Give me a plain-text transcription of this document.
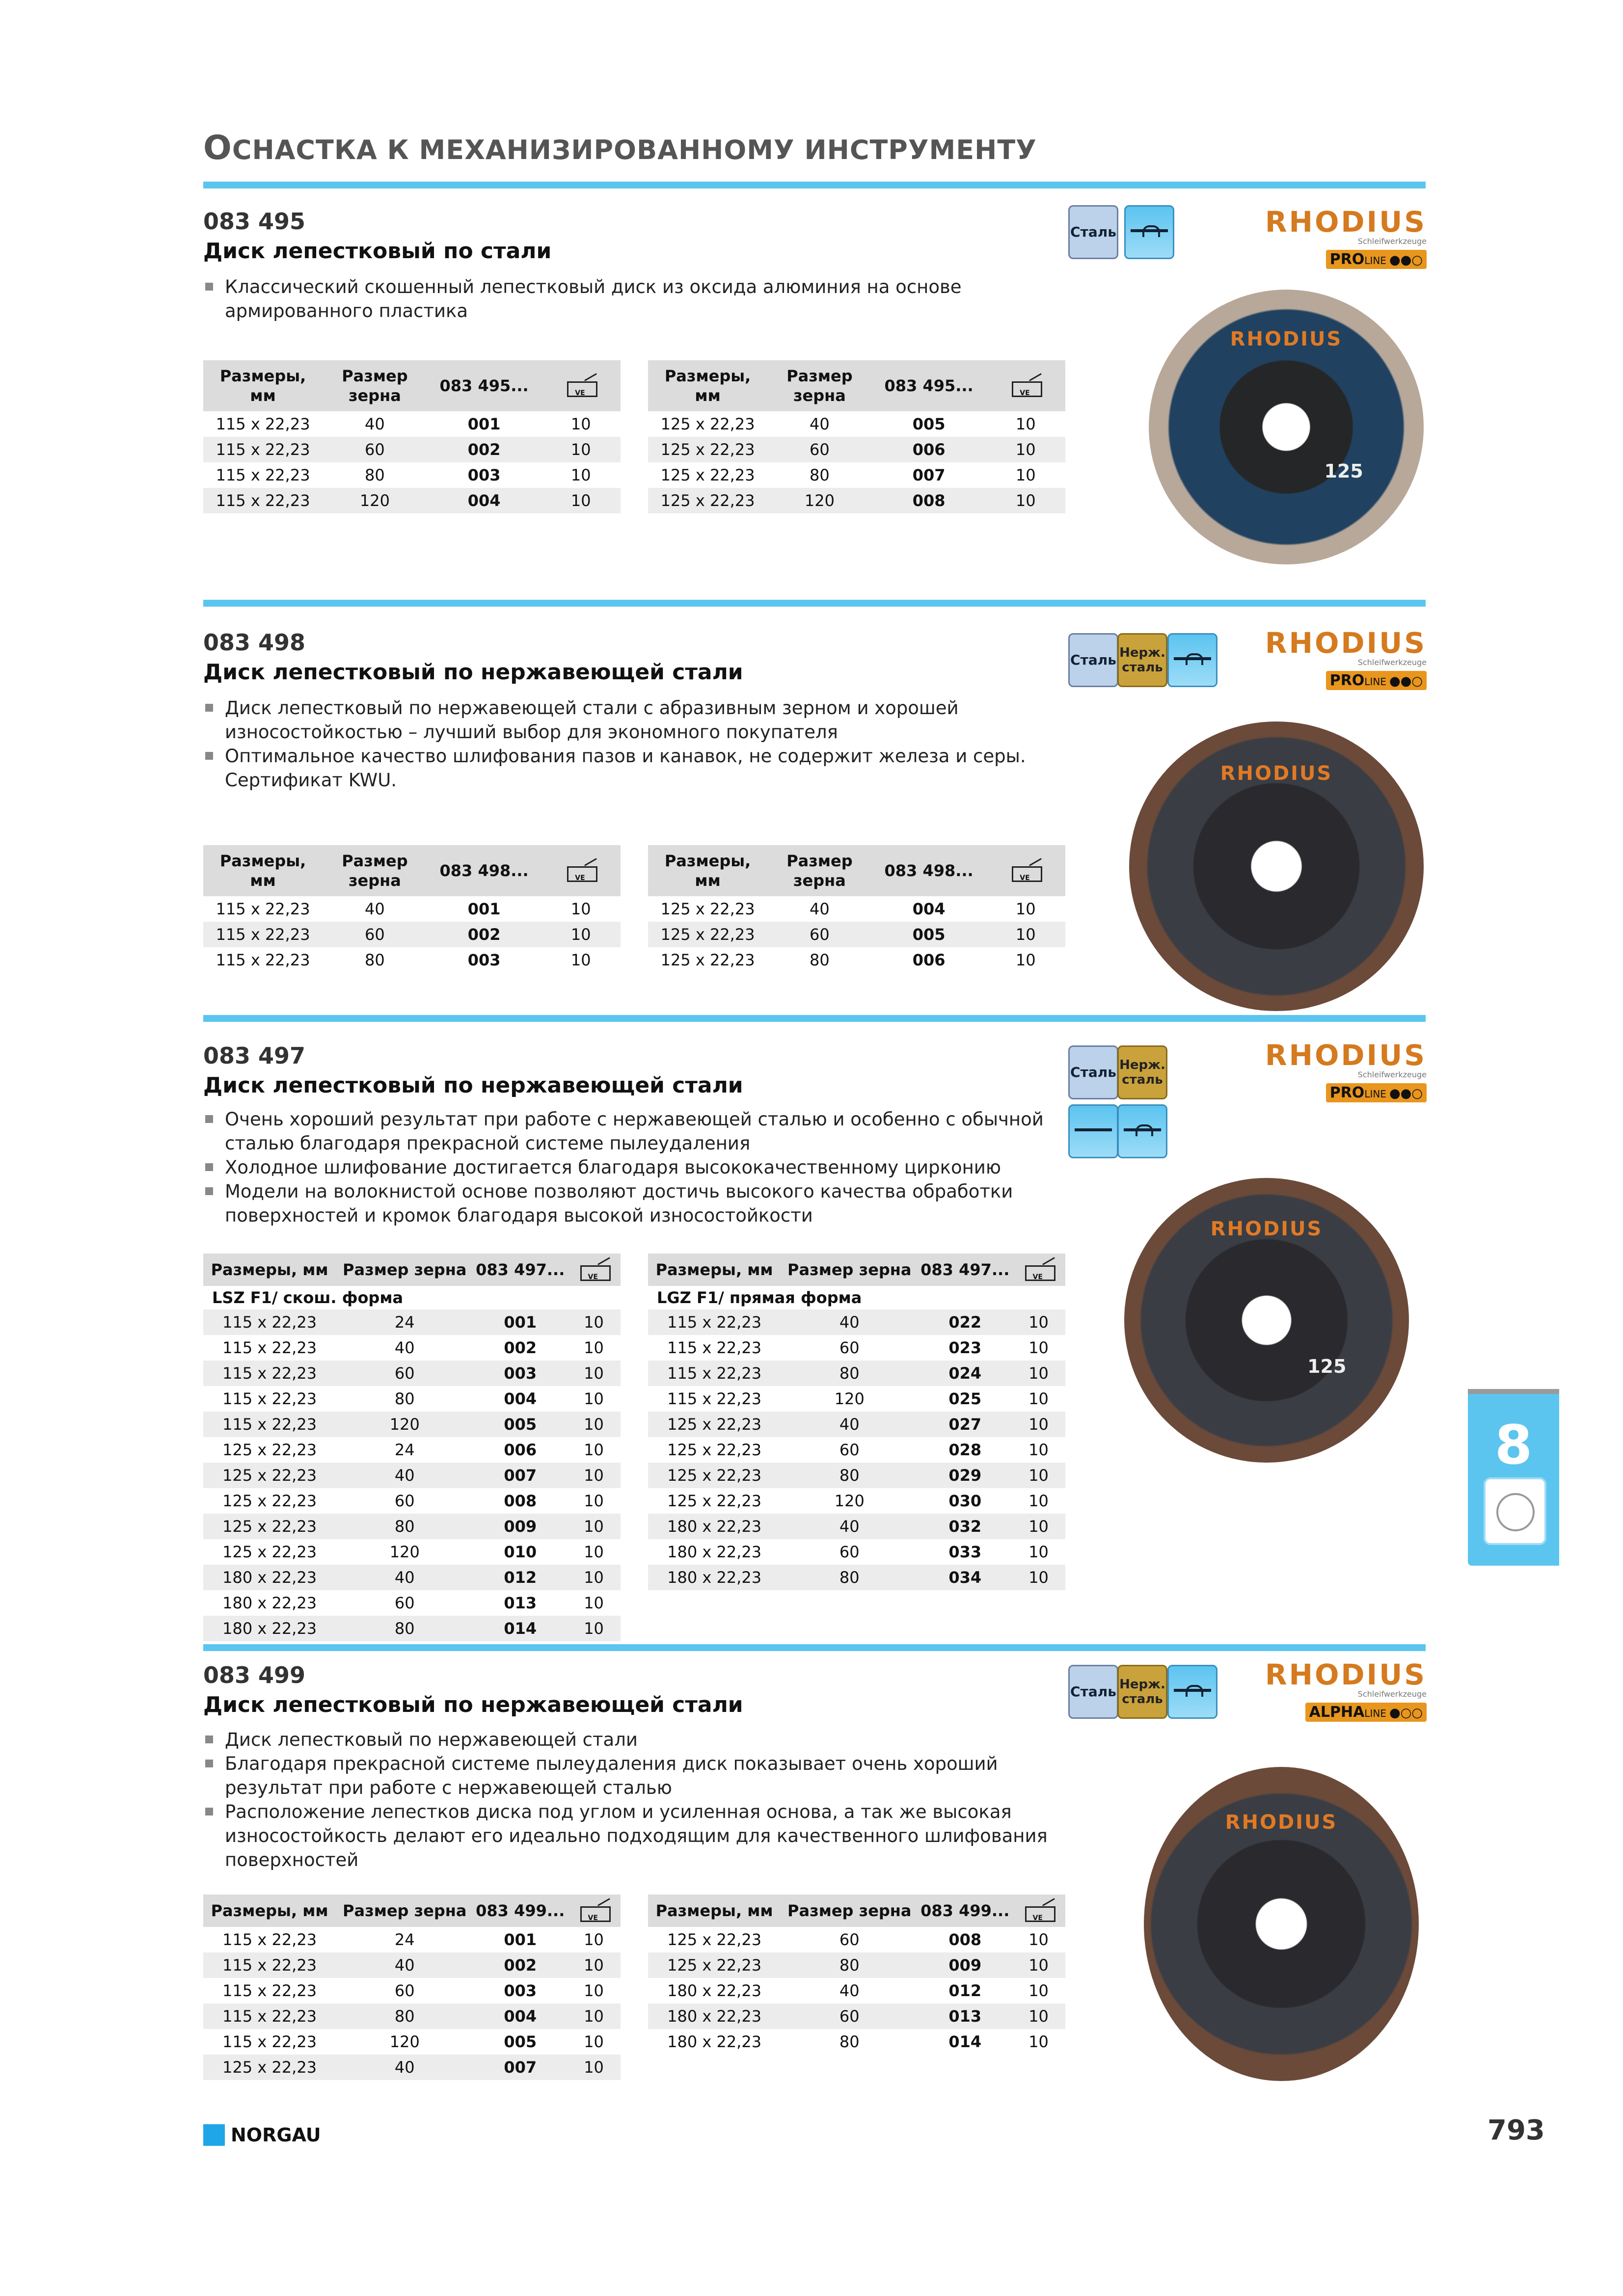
ОСНАСТКА К МЕХАНИЗИРОВАННОМУ ИНСТРУМЕНТУ
083 495
Диск лепестковый по стали
Классический скошенный лепестковый диск из оксида алюминия на основе армированного пластика
Сталь	RHODIUS
Schleifwerkzeuge
PROLINE ●●○
RHODIUS
125
Размеры, мм	Размер зерна	083 495...	VE

115 x 22,23	40	001	10
115 x 22,23	60	002	10
115 x 22,23	80	003	10
115 x 22,23	120	004	10
Размеры, мм	Размер зерна	083 495...	VE

125 x 22,23	40	005	10
125 x 22,23	60	006	10
125 x 22,23	80	007	10
125 x 22,23	120	008	10
083 498
Диск лепестковый по нержавеющей стали
Диск лепестковый по нержавеющей стали с абразивным зерном и хорошей износостойкостью – лучший выбор для экономного покупателя
Оптимальное качество шлифования пазов и канавок, не содержит железа и серы. Сертификат KWU.
Сталь Нерж.
сталь
RHODIUS
Schleifwerkzeuge
PROLINE ●●○
RHODIUS
Размеры, мм	Размер зерна	083 498...	VE

115 x 22,23	40	001	10
115 x 22,23	60	002	10
115 x 22,23	80	003	10
Размеры, мм	Размер зерна	083 498...	VE

125 x 22,23	40	004	10
125 x 22,23	60	005	10
125 x 22,23	80	006	10
083 497
Диск лепестковый по нержавеющей стали
Очень хороший результат при работе с нержавеющей сталью и особенно с обычной сталью благодаря прекрасной системе пылеудаления
Холодное шлифование достигается благодаря высококачественному цирконию
Модели на волокнистой основе позволяют достичь высокого качества обработки поверхностей и кромок благодаря высокой износостойкости
Сталь Нерж.
сталь
RHODIUS
Schleifwerkzeuge
PROLINE ●●○
RHODIUS
125
Размеры, мм	Размер зерна	083 497...	VE

LSZ F1/ скош. форма			
115 x 22,23	24	001	10
115 x 22,23	40	002	10
115 x 22,23	60	003	10
115 x 22,23	80	004	10
115 x 22,23	120	005	10
125 x 22,23	24	006	10
125 x 22,23	40	007	10
125 x 22,23	60	008	10
125 x 22,23	80	009	10
125 x 22,23	120	010	10
180 x 22,23	40	012	10
180 x 22,23	60	013	10
180 x 22,23	80	014	10
Размеры, мм	Размер зерна	083 497...	VE

LGZ F1/ прямая форма			
115 x 22,23	40	022	10
115 x 22,23	60	023	10
115 x 22,23	80	024	10
115 x 22,23	120	025	10
125 x 22,23	40	027	10
125 x 22,23	60	028	10
125 x 22,23	80	029	10
125 x 22,23	120	030	10
180 x 22,23	40	032	10
180 x 22,23	60	033	10
180 x 22,23	80	034	10
083 499
Диск лепестковый по нержавеющей стали
Диск лепестковый по нержавеющей стали
Благодаря прекрасной системе пылеудаления диск показывает очень хороший результат при работе с нержавеющей сталью
Расположение лепестков диска под углом и усиленная основа, а так же высокая износостойкость делают его идеально подходящим для качественного шлифования поверхностей
Сталь Нерж.
сталь
RHODIUS
Schleifwerkzeuge
ALPHALINE ●○○
RHODIUS
Размеры, мм	Размер зерна	083 499...	VE

115 x 22,23	24	001	10
115 x 22,23	40	002	10
115 x 22,23	60	003	10
115 x 22,23	80	004	10
115 x 22,23	120	005	10
125 x 22,23	40	007	10
Размеры, мм	Размер зерна	083 499...	VE

125 x 22,23	60	008	10
125 x 22,23	80	009	10
180 x 22,23	40	012	10
180 x 22,23	60	013	10
180 x 22,23	80	014	10
8
NORGAU	793
